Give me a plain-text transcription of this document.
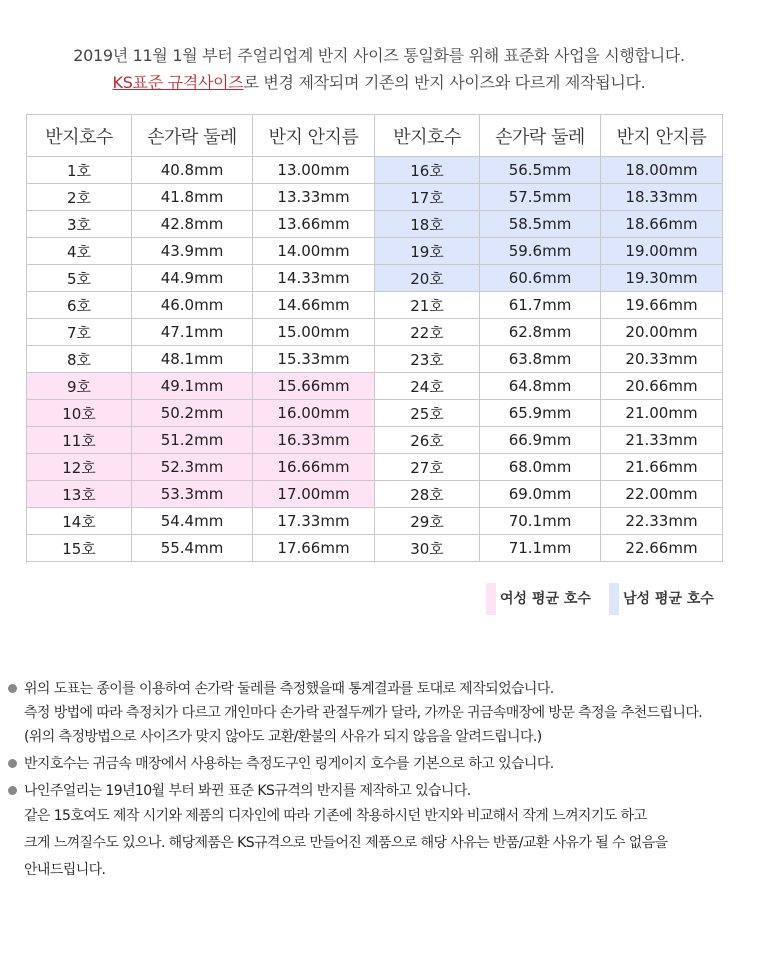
2019년 11월 1월 부터 주얼리업계 반지 사이즈 통일화를 위해 표준화 사업을 시행합니다.
KS표준 규격사이즈로 변경 제작되며 기존의 반지 사이즈와 다르게 제작됩니다.
반지호수	손가락 둘레	반지 안지름	반지호수	손가락 둘레	반지 안지름
1호	40.8mm	13.00mm	16호	56.5mm	18.00mm
2호	41.8mm	13.33mm	17호	57.5mm	18.33mm
3호	42.8mm	13.66mm	18호	58.5mm	18.66mm
4호	43.9mm	14.00mm	19호	59.6mm	19.00mm
5호	44.9mm	14.33mm	20호	60.6mm	19.30mm
6호	46.0mm	14.66mm	21호	61.7mm	19.66mm
7호	47.1mm	15.00mm	22호	62.8mm	20.00mm
8호	48.1mm	15.33mm	23호	63.8mm	20.33mm
9호	49.1mm	15.66mm	24호	64.8mm	20.66mm
10호	50.2mm	16.00mm	25호	65.9mm	21.00mm
11호	51.2mm	16.33mm	26호	66.9mm	21.33mm
12호	52.3mm	16.66mm	27호	68.0mm	21.66mm
13호	53.3mm	17.00mm	28호	69.0mm	22.00mm
14호	54.4mm	17.33mm	29호	70.1mm	22.33mm
15호	55.4mm	17.66mm	30호	71.1mm	22.66mm
여성 평균 호수	남성 평균 호수
위의 도표는 종이를 이용하여 손가락 둘레를 측정했을때 통계결과를 토대로 제작되었습니다.
측정 방법에 따라 측정치가 다르고 개인마다 손가락 관절두께가 달라, 가까운 귀금속매장에 방문 측정을 추천드립니다.
(위의 측정방법으로 사이즈가 맞지 않아도 교환/환불의 사유가 되지 않음을 알려드립니다.)
반지호수는 귀금속 매장에서 사용하는 측정도구인 링게이지 호수를 기본으로 하고 있습니다.
나인주얼리는 19년10월 부터 봐뀐 표준 KS규격의 반지를 제작하고 있습니다.
같은 15호여도 제작 시기와 제품의 디자인에 따라 기존에 착용하시던 반지와 비교해서 작게 느껴지기도 하고
크게 느껴질수도 있으나. 해당제품은 KS규격으로 만들어진 제품으로 해당 사유는 반품/교환 사유가 될 수 없음을
안내드립니다.
